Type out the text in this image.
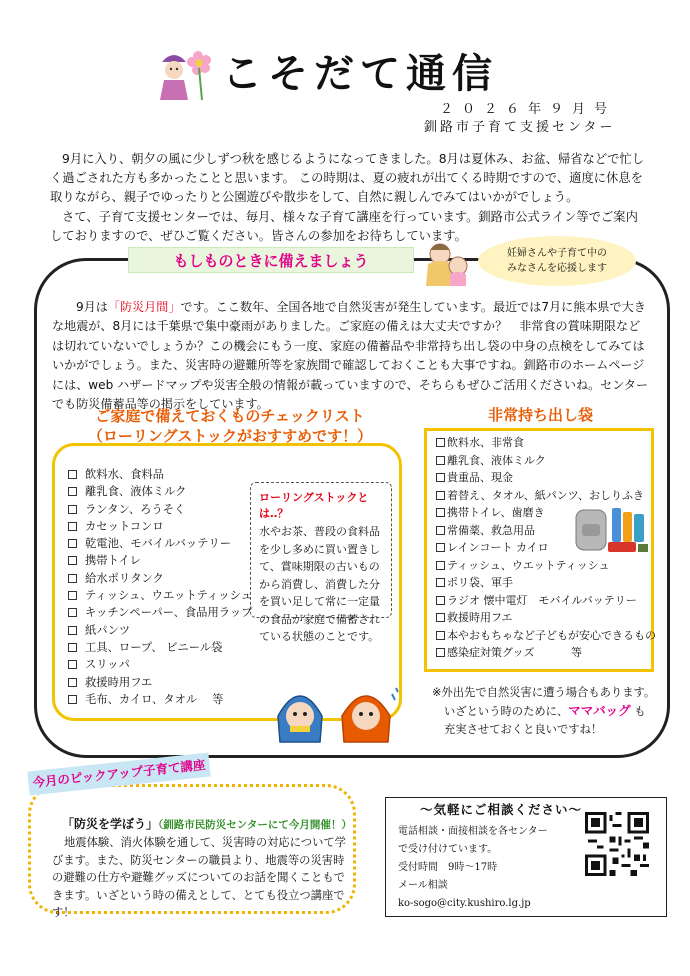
こそだて通信
２０２６年９月号
釧路市子育て支援センター

9月に入り、朝夕の風に少しずつ秋を感じるようになってきました。8月は夏休み、お盆、帰省などで忙しく過ごされた方も多かったことと思います。 この時期は、夏の疲れが出てくる時期ですので、適度に休息を取りながら、親子でゆったりと公園遊びや散歩をして、自然に親しんでみてはいかがでしょう。

さて、子育て支援センターでは、毎月、様々な子育て講座を行っています。釧路市公式ライン等でご案内しておりますので、ぜひご覧ください。皆さんの参加をお待ちしています。

もしものときに備えましょう	妊婦さんや子育て中の
みなさんを応援します

9月は「防災月間」です。ここ数年、全国各地で自然災害が発生しています。最近では7月に熊本県で大きな地震が、8月には千葉県で集中豪雨がありました。ご家庭の備えは大丈夫ですか？　非常食の賞味期限などは切れていないでしょうか？この機会にもう一度、家庭の備蓄品や非常持ち出し袋の中身の点検をしてみてはいかがでしょう。また、災害時の避難所等を家族間で確認しておくことも大事ですね。釧路市のホームページには、web ハザードマップや災害全般の情報が載っていますので、そちらもぜひご活用くださいね。センターでも防災備蓄品等の掲示をしています。

ご家庭で備えておくものチェックリスト
（ローリングストックがおすすめです！）
飲料水、食料品
離乳食、液体ミルク
ランタン、ろうそく
カセットコンロ
乾電池、モバイルバッテリー
携帯トイレ
給水ポリタンク
ティッシュ、ウエットティッシュ
キッチンペーパー、食品用ラップ
紙パンツ
工具、ロープ、 ビニール袋
スリッパ
救援時用フエ
毛布、カイロ、タオル　 等
ローリングストックとは‥？
水やお茶、普段の食料品を少し多めに買い置きして、賞味期限の古いものから消費し、消費した分を買い足して常に一定量の食品が家庭で備蓄されている状態のことです。
非常持ち出し袋
飲料水、非常食
離乳食、液体ミルク
貴重品、現金
着替え、タオル、紙パンツ、おしりふき
携帯トイレ、歯磨き
常備薬、救急用品
レインコート カイロ
ティッシュ、ウエットティッシュ
ポリ袋、軍手
ラジオ 懐中電灯　モバイルバッテリー
救援時用フエ
本やおもちゃなど子どもが安心できるもの
感染症対策グッズ　　　 等
※外出先で自然災害に遭う場合もあります。
いざという時のために、ママバッグ も
充実させておくと良いですね！
今月のピックアップ子育て講座
「防災を学ぼう」（釧路市民防災センターにて今月開催！）
地震体験、消火体験を通して、災害時の対応について学びます。また、防災センターの職員より、地震等の災害時の避難の仕方や避難グッズについてのお話を聞くこともできます。いざという時の備えとして、とても役立つ講座です！
～気軽にご相談ください～
電話相談・面接相談を各センター
で受け付けています。
受付時間　9時～17時
メール相談
ko-sogo@city.kushiro.lg.jp
